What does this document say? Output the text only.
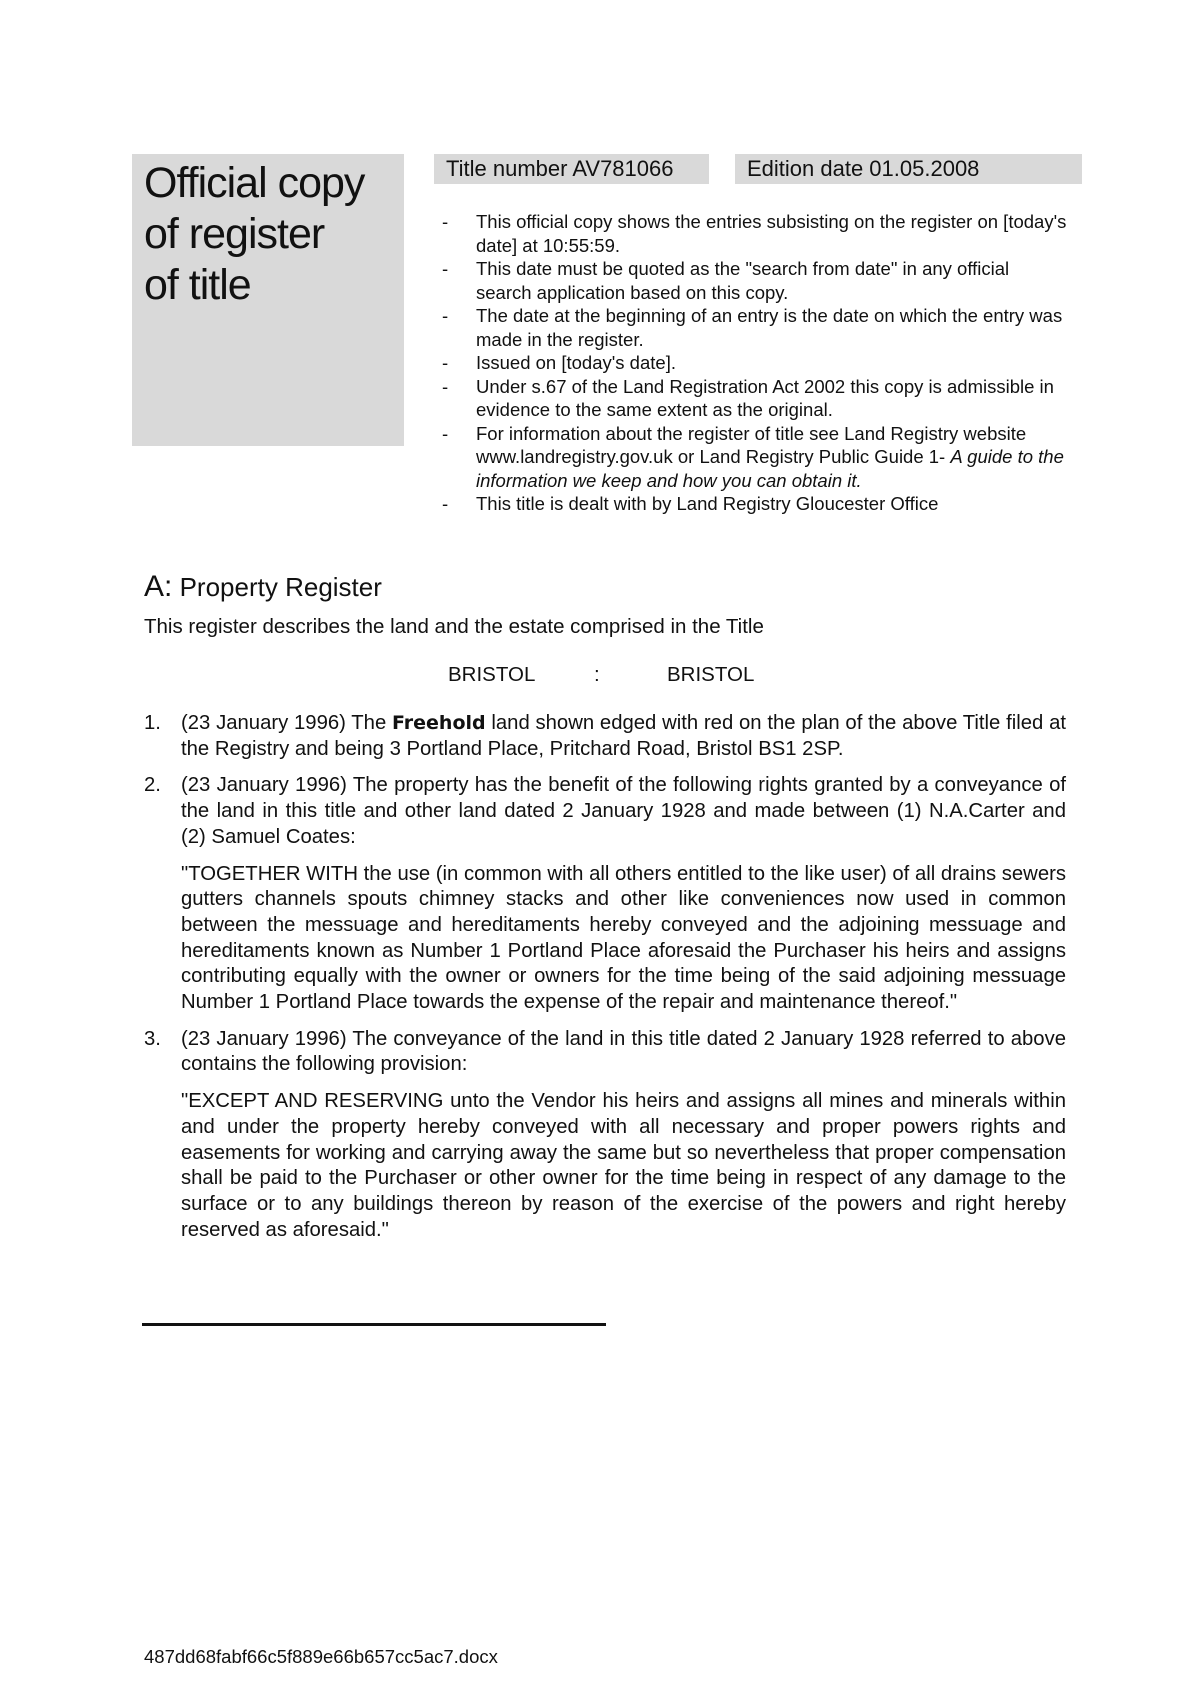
Official copy
of register
of title
Title number AV781066	Edition date 01.05.2008
- This official copy shows the entries subsisting on the register on [today's date] at 10:55:59.
- This date must be quoted as the "search from date" in any official search application based on this copy.
- The date at the beginning of an entry is the date on which the entry was made in the register.
- Issued on [today's date].
- Under s.67 of the Land Registration Act 2002 this copy is admissible in evidence to the same extent as the original.
- For information about the register of title see Land Registry website www.landregistry.gov.uk or Land Registry Public Guide 1- A guide to the information we keep and how you can obtain it.
- This title is dealt with by Land Registry Gloucester Office
A: Property Register

This register describes the land and the estate comprised in the Title

BRISTOL	:	BRISTOL
1. (23 January 1996) The Freehold land shown edged with red on the plan of the above Title filed at the Registry and being 3 Portland Place, Pritchard Road, Bristol BS1 2SP.
2. (23 January 1996) The property has the benefit of the following rights granted by a conveyance of the land in this title and other land dated 2 January 1928 and made between (1) N.A.Carter and (2) Samuel Coates:

"TOGETHER WITH the use (in common with all others entitled to the like user) of all drains sewers gutters channels spouts chimney stacks and other like conveniences now used in common between the messuage and hereditaments hereby conveyed and the adjoining messuage and hereditaments known as Number 1 Portland Place aforesaid the Purchaser his heirs and assigns contributing equally with the owner or owners for the time being of the said adjoining messuage Number 1 Portland Place towards the expense of the repair and maintenance thereof."

3. (23 January 1996) The conveyance of the land in this title dated 2 January 1928 referred to above contains the following provision:

"EXCEPT AND RESERVING unto the Vendor his heirs and assigns all mines and minerals within and under the property hereby conveyed with all necessary and proper powers rights and easements for working and carrying away the same but so nevertheless that proper compensation shall be paid to the Purchaser or other owner for the time being in respect of any damage to the surface or to any buildings thereon by reason of the exercise of the powers and right hereby reserved as aforesaid."

487dd68fabf66c5f889e66b657cc5ac7.docx
